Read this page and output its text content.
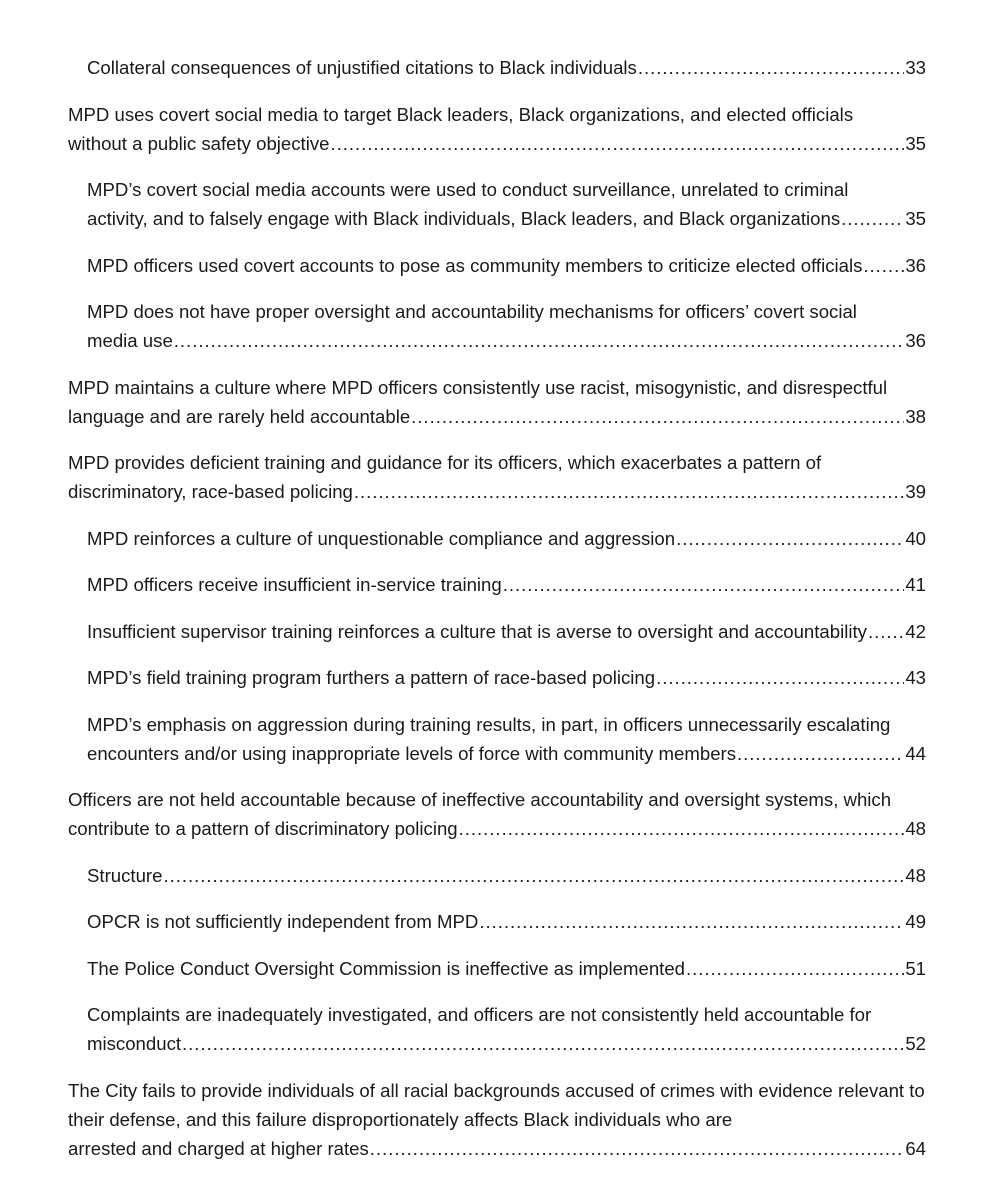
Collateral consequences of unjustified citations to Black individuals . . .	33
MPD uses covert social media to target Black leaders, Black organizations, and elected officials
without a public safety objective . . .	35
MPD’s covert social media accounts were used to conduct surveillance, unrelated to criminal
activity, and to falsely engage with Black individuals, Black leaders, and Black organizations . . .	35
MPD officers used covert accounts to pose as community members to criticize elected officials . . . 36
MPD does not have proper oversight and accountability mechanisms for officers’ covert social
media use . . .	36
MPD maintains a culture where MPD officers consistently use racist, misogynistic, and disrespectful
language and are rarely held accountable . . .	38
MPD provides deficient training and guidance for its officers, which exacerbates a pattern of
discriminatory, race-based policing . . .	39
MPD reinforces a culture of unquestionable compliance and aggression . . .	40
MPD officers receive insufficient in-service training . . .	41
Insufficient supervisor training reinforces a culture that is averse to oversight and accountability . . . 42
MPD’s field training program furthers a pattern of race-based policing . . .	43
MPD’s emphasis on aggression during training results, in part, in officers unnecessarily escalating
encounters and/or using inappropriate levels of force with community members . . .	44
Officers are not held accountable because of ineffective accountability and oversight systems, which
contribute to a pattern of discriminatory policing . . .	48
Structure . . .	48
OPCR is not sufficiently independent from MPD . . .	49
The Police Conduct Oversight Commission is ineffective as implemented . . .	51
Complaints are inadequately investigated, and officers are not consistently held accountable for
misconduct . . .	52
The City fails to provide individuals of all racial backgrounds accused of crimes with evidence relevant to their defense, and this failure disproportionately affects Black individuals who are
arrested and charged at higher rates . . .	64
